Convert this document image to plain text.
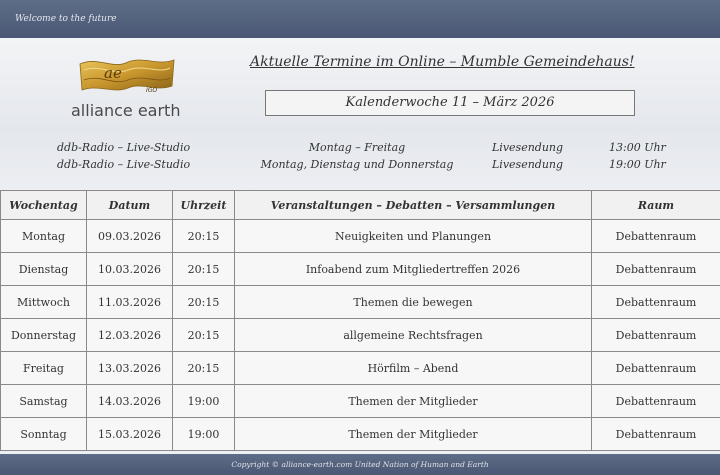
Welcome to the future
ae
IGO
alliance earth
Aktuelle Termine im Online – Mumble Gemeindehaus!
Kalenderwoche 11 – März 2026
ddb-Radio – Live-Studio	Montag – Freitag	Livesendung	13:00 Uhr
ddb-Radio – Live-Studio	Montag, Dienstag und Donnerstag	Livesendung	19:00 Uhr
Wochentag	Datum	Uhrzeit	Veranstaltungen – Debatten – Versammlungen	Raum
Montag	09.03.2026	20:15	Neuigkeiten und Planungen	Debattenraum
Dienstag	10.03.2026	20:15	Infoabend zum Mitgliedertreffen 2026	Debattenraum
Mittwoch	11.03.2026	20:15	Themen die bewegen	Debattenraum
Donnerstag	12.03.2026	20:15	allgemeine Rechtsfragen	Debattenraum
Freitag	13.03.2026	20:15	Hörfilm – Abend	Debattenraum
Samstag	14.03.2026	19:00	Themen der Mitglieder	Debattenraum
Sonntag	15.03.2026	19:00	Themen der Mitglieder	Debattenraum
Copyright © alliance-earth.com United Nation of Human and Earth
